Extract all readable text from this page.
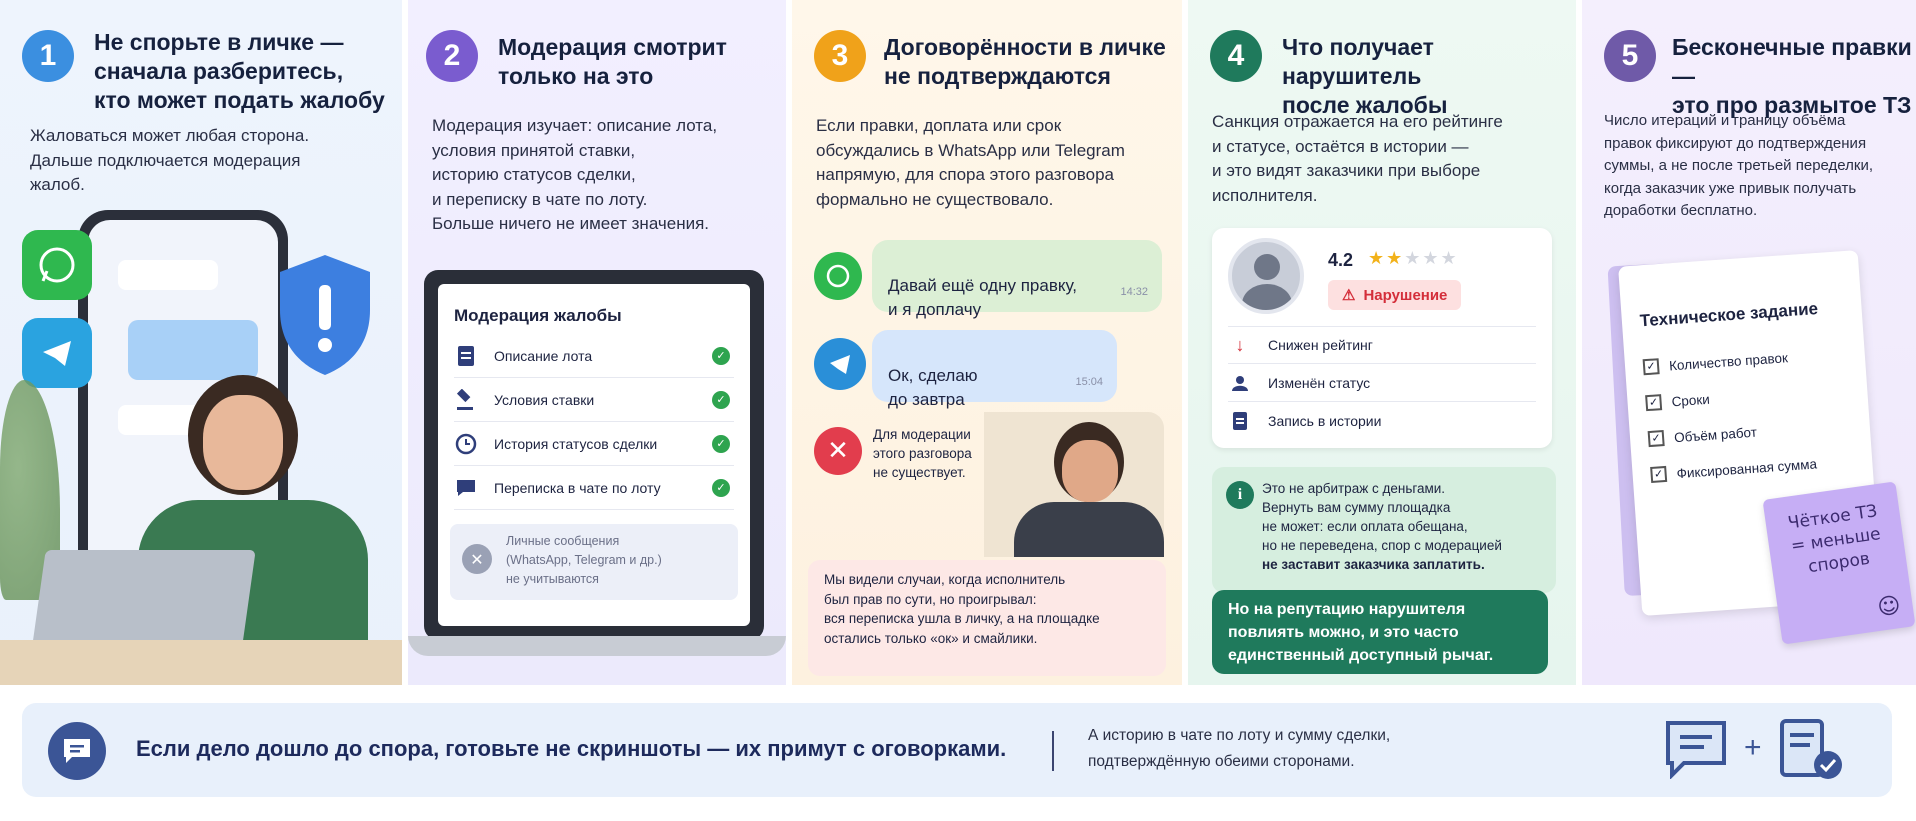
1	Не спорьте в личке —
сначала разберитесь,
кто может подать жалобу
Жаловаться может любая сторона.
Дальше подключается модерация
жалоб.
2	Модерация смотрит
только на это
Модерация изучает: описание лота,
условия принятой ставки,
историю статусов сделки,
и переписку в чате по лоту.
Больше ничего не имеет значения.
Модерация жалобы
Описание лота	✓
Условия ставки	✓
История статусов сделки	✓
Переписка в чате по лоту	✓
✕
Личные сообщения
(WhatsApp, Telegram и др.)
не учитываются
3	Договорённости в личке
не подтверждаются
Если правки, доплата или срок
обсуждались в WhatsApp или Telegram
напрямую, для спора этого разговора
формально не существовало.

Давай ещё одну правку,
и я доплачу

14:32

Ок, сделаю
до завтра

15:04

✕
Для модерации
этого разговора
не существует.
Мы видели случаи, когда исполнитель
был прав по сути, но проигрывал:
вся переписка ушла в личку, а на площадке
остались только «ок» и смайлики.
4	Что получает нарушитель
после жалобы
Санкция отражается на его рейтинге
и статусе, остаётся в истории —
и это видят заказчики при выборе
исполнителя.
4.2 ★★★★★
⚠ Нарушение
↓	Снижен рейтинг
Изменён статус
Запись в истории
i	Это не арбитраж с деньгами.
Вернуть вам сумму площадка
не может: если оплата обещана,
но не переведена, спор с модерацией
не заставит заказчика заплатить.
Но на репутацию нарушителя
повлиять можно, и это часто
единственный доступный рычаг.
5	Бесконечные правки —
это про размытое ТЗ
Число итераций и границу объёма
правок фиксируют до подтверждения
суммы, а не после третьей переделки,
когда заказчик уже привык получать
доработки бесплатно.
Техническое задание
✓ Количество правок
✓ Сроки
✓ Объём работ
✓ Фиксированная сумма
Чёткое ТЗ
= меньше
споров
☺
Если дело дошло до спора, готовьте не скриншоты — их примут с оговорками.
А историю в чате по лоту и сумму сделки,
подтверждённую обеими сторонами.	+
